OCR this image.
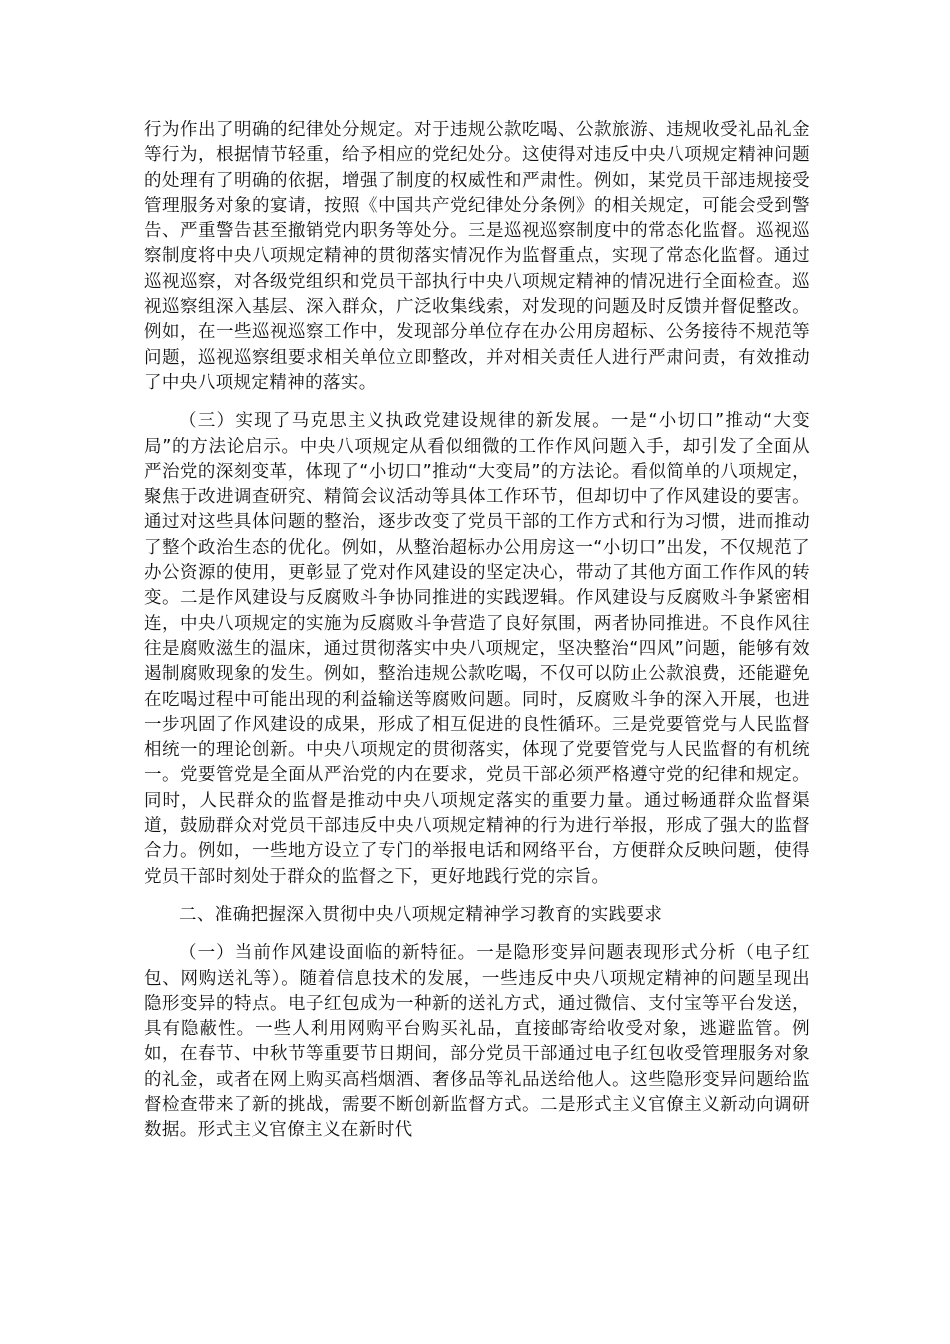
行为作出了明确的纪律处分规定。对于违规公款吃喝、公款旅游、违规收受礼品礼金等行为，根据情节轻重，给予相应的党纪处分。这使得对违反中央八项规定精神问题的处理有了明确的依据，增强了制度的权威性和严肃性。例如，某党员干部违规接受管理服务对象的宴请，按照《中国共产党纪律处分条例》的相关规定，可能会受到警告、严重警告甚至撤销党内职务等处分。三是巡视巡察制度中的常态化监督。巡视巡察制度将中央八项规定精神的贯彻落实情况作为监督重点，实现了常态化监督。通过巡视巡察，对各级党组织和党员干部执行中央八项规定精神的情况进行全面检查。巡视巡察组深入基层、深入群众，广泛收集线索，对发现的问题及时反馈并督促整改。例如，在一些巡视巡察工作中，发现部分单位存在办公用房超标、公务接待不规范等问题，巡视巡察组要求相关单位立即整改，并对相关责任人进行严肃问责，有效推动了中央八项规定精神的落实。

（三）实现了马克思主义执政党建设规律的新发展。一是“小切口”推动“大变局”的方法论启示。中央八项规定从看似细微的工作作风问题入手，却引发了全面从严治党的深刻变革，体现了“小切口”推动“大变局”的方法论。看似简单的八项规定，聚焦于改进调查研究、精简会议活动等具体工作环节，但却切中了作风建设的要害。通过对这些具体问题的整治，逐步改变了党员干部的工作方式和行为习惯，进而推动了整个政治生态的优化。例如，从整治超标办公用房这一“小切口”出发，不仅规范了办公资源的使用，更彰显了党对作风建设的坚定决心，带动了其他方面工作作风的转变。二是作风建设与反腐败斗争协同推进的实践逻辑。作风建设与反腐败斗争紧密相连，中央八项规定的实施为反腐败斗争营造了良好氛围，两者协同推进。不良作风往往是腐败滋生的温床，通过贯彻落实中央八项规定，坚决整治“四风”问题，能够有效遏制腐败现象的发生。例如，整治违规公款吃喝，不仅可以防止公款浪费，还能避免在吃喝过程中可能出现的利益输送等腐败问题。同时，反腐败斗争的深入开展，也进一步巩固了作风建设的成果，形成了相互促进的良性循环。三是党要管党与人民监督相统一的理论创新。中央八项规定的贯彻落实，体现了党要管党与人民监督的有机统一。党要管党是全面从严治党的内在要求，党员干部必须严格遵守党的纪律和规定。同时，人民群众的监督是推动中央八项规定落实的重要力量。通过畅通群众监督渠道，鼓励群众对党员干部违反中央八项规定精神的行为进行举报，形成了强大的监督合力。例如，一些地方设立了专门的举报电话和网络平台，方便群众反映问题，使得党员干部时刻处于群众的监督之下，更好地践行党的宗旨。

二、准确把握深入贯彻中央八项规定精神学习教育的实践要求

（一）当前作风建设面临的新特征。一是隐形变异问题表现形式分析（电子红包、网购送礼等）。随着信息技术的发展，一些违反中央八项规定精神的问题呈现出隐形变异的特点。电子红包成为一种新的送礼方式，通过微信、支付宝等平台发送，具有隐蔽性。一些人利用网购平台购买礼品，直接邮寄给收受对象，逃避监管。例如，在春节、中秋节等重要节日期间，部分党员干部通过电子红包收受管理服务对象的礼金，或者在网上购买高档烟酒、奢侈品等礼品送给他人。这些隐形变异问题给监督检查带来了新的挑战，需要不断创新监督方式。二是形式主义官僚主义新动向调研数据。形式主义官僚主义在新时代
